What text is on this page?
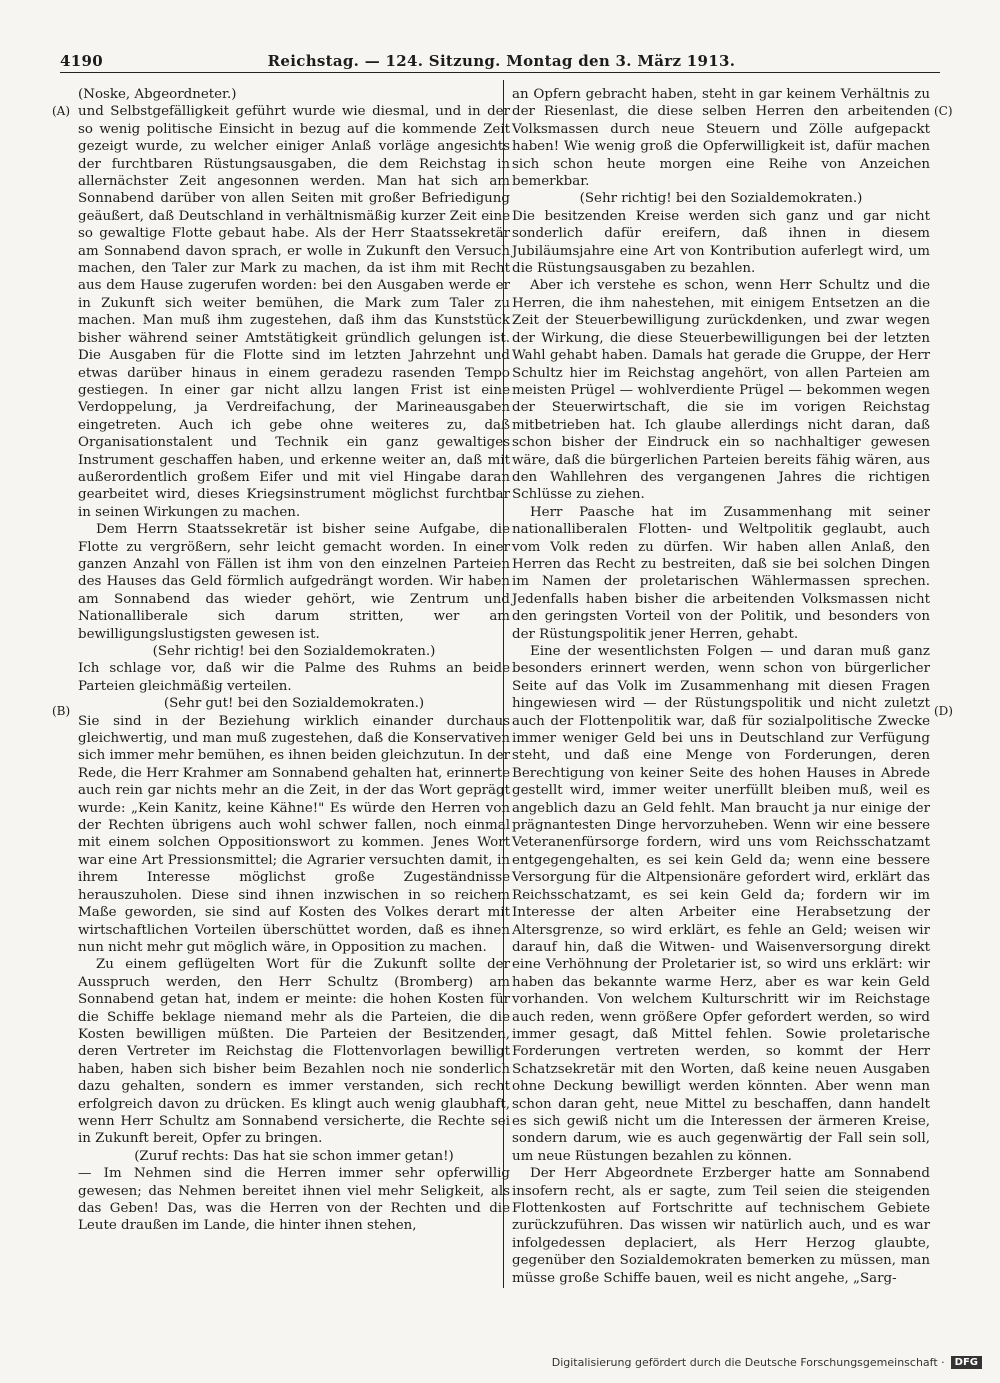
4190	Reichstag. — 124. Sitzung. Montag den 3. März 1913.
(A)
(B)
(C)
(D)

(Noske, Abgeordneter.)

und Selbstgefälligkeit geführt wurde wie diesmal, und in der so wenig politische Einsicht in bezug auf die kommende Zeit gezeigt wurde, zu welcher einiger Anlaß vorläge angesichts der furchtbaren Rüstungsausgaben, die dem Reichstag in allernächster Zeit angesonnen werden. Man hat sich am Sonnabend darüber von allen Seiten mit großer Befriedigung geäußert, daß Deutschland in verhältnismäßig kurzer Zeit eine so gewaltige Flotte gebaut habe. Als der Herr Staatssekretär am Sonnabend davon sprach, er wolle in Zukunft den Versuch machen, den Taler zur Mark zu machen, da ist ihm mit Recht aus dem Hause zugerufen worden: bei den Ausgaben werde er in Zukunft sich weiter bemühen, die Mark zum Taler zu machen. Man muß ihm zugestehen, daß ihm das Kunststück bisher während seiner Amtstätigkeit gründlich gelungen ist. Die Ausgaben für die Flotte sind im letzten Jahrzehnt und etwas darüber hinaus in einem geradezu rasenden Tempo gestiegen. In einer gar nicht allzu langen Frist ist eine Verdoppelung, ja Verdreifachung, der Marineausgaben eingetreten. Auch ich gebe ohne weiteres zu, daß Organisationstalent und Technik ein ganz gewaltiges Instrument geschaffen haben, und erkenne weiter an, daß mit außerordentlich großem Eifer und mit viel Hingabe daran gearbeitet wird, dieses Kriegsinstrument möglichst furchtbar in seinen Wirkungen zu machen.

Dem Herrn Staatssekretär ist bisher seine Aufgabe, die Flotte zu vergrößern, sehr leicht gemacht worden. In einer ganzen Anzahl von Fällen ist ihm von den einzelnen Parteien des Hauses das Geld förmlich aufgedrängt worden. Wir haben am Sonnabend das wieder gehört, wie Zentrum und Nationalliberale sich darum stritten, wer am bewilligungslustigsten gewesen ist.

(Sehr richtig! bei den Sozialdemokraten.)

Ich schlage vor, daß wir die Palme des Ruhms an beide Parteien gleichmäßig verteilen.

(Sehr gut! bei den Sozialdemokraten.)

Sie sind in der Beziehung wirklich einander durchaus gleichwertig, und man muß zugestehen, daß die Konservativen sich immer mehr bemühen, es ihnen beiden gleichzutun. In der Rede, die Herr Krahmer am Sonnabend gehalten hat, erinnerte auch rein gar nichts mehr an die Zeit, in der das Wort geprägt wurde: „Kein Kanitz, keine Kähne!" Es würde den Herren von der Rechten übrigens auch wohl schwer fallen, noch einmal mit einem solchen Oppositionswort zu kommen. Jenes Wort war eine Art Pressionsmittel; die Agrarier versuchten damit, in ihrem Interesse möglichst große Zugeständnisse herauszuholen. Diese sind ihnen inzwischen in so reichem Maße geworden, sie sind auf Kosten des Volkes derart mit wirtschaftlichen Vorteilen überschüttet worden, daß es ihnen nun nicht mehr gut möglich wäre, in Opposition zu machen.

Zu einem geflügelten Wort für die Zukunft sollte der Ausspruch werden, den Herr Schultz (Bromberg) am Sonnabend getan hat, indem er meinte: die hohen Kosten für die Schiffe beklage niemand mehr als die Parteien, die die Kosten bewilligen müßten. Die Parteien der Besitzenden, deren Vertreter im Reichstag die Flottenvorlagen bewilligt haben, haben sich bisher beim Bezahlen noch nie sonderlich dazu gehalten, sondern es immer verstanden, sich recht erfolgreich davon zu drücken. Es klingt auch wenig glaubhaft, wenn Herr Schultz am Sonnabend versicherte, die Rechte sei in Zukunft bereit, Opfer zu bringen.

(Zuruf rechts: Das hat sie schon immer getan!)

— Im Nehmen sind die Herren immer sehr opferwillig gewesen; das Nehmen bereitet ihnen viel mehr Seligkeit, als das Geben! Das, was die Herren von der Rechten und die Leute draußen im Lande, die hinter ihnen stehen,

an Opfern gebracht haben, steht in gar keinem Verhältnis zu der Riesenlast, die diese selben Herren den arbeitenden Volksmassen durch neue Steuern und Zölle aufgepackt haben! Wie wenig groß die Opferwilligkeit ist, dafür machen sich schon heute morgen eine Reihe von Anzeichen bemerkbar.

(Sehr richtig! bei den Sozialdemokraten.)

Die besitzenden Kreise werden sich ganz und gar nicht sonderlich dafür ereifern, daß ihnen in diesem Jubiläumsjahre eine Art von Kontribution auferlegt wird, um die Rüstungsausgaben zu bezahlen.

Aber ich verstehe es schon, wenn Herr Schultz und die Herren, die ihm nahestehen, mit einigem Entsetzen an die Zeit der Steuerbewilligung zurückdenken, und zwar wegen der Wirkung, die diese Steuerbewilligungen bei der letzten Wahl gehabt haben. Damals hat gerade die Gruppe, der Herr Schultz hier im Reichstag angehört, von allen Parteien am meisten Prügel — wohlverdiente Prügel — bekommen wegen der Steuerwirtschaft, die sie im vorigen Reichstag mitbetrieben hat. Ich glaube allerdings nicht daran, daß schon bisher der Eindruck ein so nachhaltiger gewesen wäre, daß die bürgerlichen Parteien bereits fähig wären, aus den Wahllehren des vergangenen Jahres die richtigen Schlüsse zu ziehen.

Herr Paasche hat im Zusammenhang mit seiner nationalliberalen Flotten- und Weltpolitik geglaubt, auch vom Volk reden zu dürfen. Wir haben allen Anlaß, den Herren das Recht zu bestreiten, daß sie bei solchen Dingen im Namen der proletarischen Wählermassen sprechen. Jedenfalls haben bisher die arbeitenden Volksmassen nicht den geringsten Vorteil von der Politik, und besonders von der Rüstungspolitik jener Herren, gehabt.

Eine der wesentlichsten Folgen — und daran muß ganz besonders erinnert werden, wenn schon von bürgerlicher Seite auf das Volk im Zusammenhang mit diesen Fragen hingewiesen wird — der Rüstungspolitik und nicht zuletzt auch der Flottenpolitik war, daß für sozialpolitische Zwecke immer weniger Geld bei uns in Deutschland zur Verfügung steht, und daß eine Menge von Forderungen, deren Berechtigung von keiner Seite des hohen Hauses in Abrede gestellt wird, immer weiter unerfüllt bleiben muß, weil es angeblich dazu an Geld fehlt. Man braucht ja nur einige der prägnantesten Dinge hervorzuheben. Wenn wir eine bessere Veteranenfürsorge fordern, wird uns vom Reichsschatzamt entgegengehalten, es sei kein Geld da; wenn eine bessere Versorgung für die Altpensionäre gefordert wird, erklärt das Reichsschatzamt, es sei kein Geld da; fordern wir im Interesse der alten Arbeiter eine Herabsetzung der Altersgrenze, so wird erklärt, es fehle an Geld; weisen wir darauf hin, daß die Witwen- und Waisenversorgung direkt eine Verhöhnung der Proletarier ist, so wird uns erklärt: wir haben das bekannte warme Herz, aber es war kein Geld vorhanden. Von welchem Kulturschritt wir im Reichstage auch reden, wenn größere Opfer gefordert werden, so wird immer gesagt, daß Mittel fehlen. Sowie proletarische Forderungen vertreten werden, so kommt der Herr Schatzsekretär mit den Worten, daß keine neuen Ausgaben ohne Deckung bewilligt werden könnten. Aber wenn man schon daran geht, neue Mittel zu beschaffen, dann handelt es sich gewiß nicht um die Interessen der ärmeren Kreise, sondern darum, wie es auch gegenwärtig der Fall sein soll, um neue Rüstungen bezahlen zu können.

Der Herr Abgeordnete Erzberger hatte am Sonnabend insofern recht, als er sagte, zum Teil seien die steigenden Flottenkosten auf Fortschritte auf technischem Gebiete zurückzuführen. Das wissen wir natürlich auch, und es war infolgedessen deplaciert, als Herr Herzog glaubte, gegenüber den Sozialdemokraten bemerken zu müssen, man müsse große Schiffe bauen, weil es nicht angehe, „Sarg-

Digitalisierung gefördert durch die Deutsche Forschungsgemeinschaft ·	DFG
